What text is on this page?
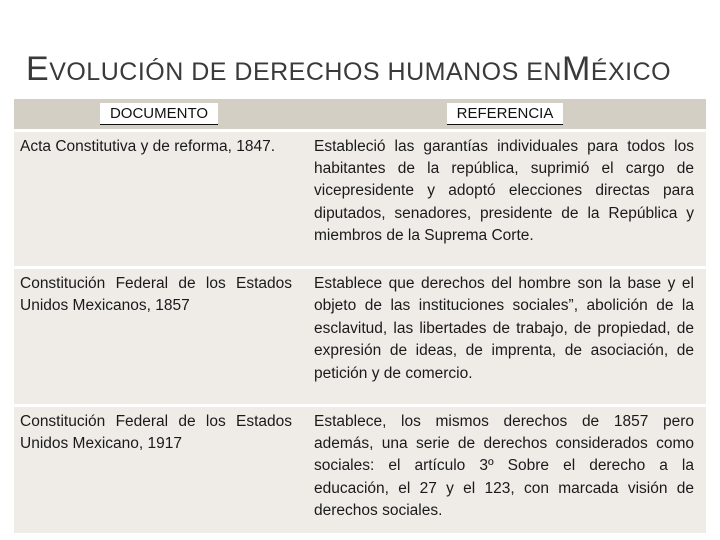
EVOLUCIÓN DE DERECHOS HUMANOS ENMÉXICO
DOCUMENTO	REFERENCIA

Acta Constitutiva y de reforma, 1847.	Estableció las garantías individuales para todos los habitantes de la república, suprimió el cargo de vicepresidente y adoptó elecciones directas para diputados, senadores, presidente de la República y miembros de la Suprema Corte.

Constitución Federal de los Estados Unidos Mexicanos, 1857	Establece que derechos del hombre son la base y el objeto de las instituciones sociales”, abolición de la esclavitud, las libertades de trabajo, de propiedad, de expresión de ideas, de imprenta, de asociación, de petición y de comercio.

Constitución Federal de los Estados Unidos Mexicano, 1917	Establece, los mismos derechos de 1857 pero además, una serie de derechos considerados como sociales: el artículo 3º Sobre el derecho a la educación, el 27 y el 123, con marcada visión de derechos sociales.
